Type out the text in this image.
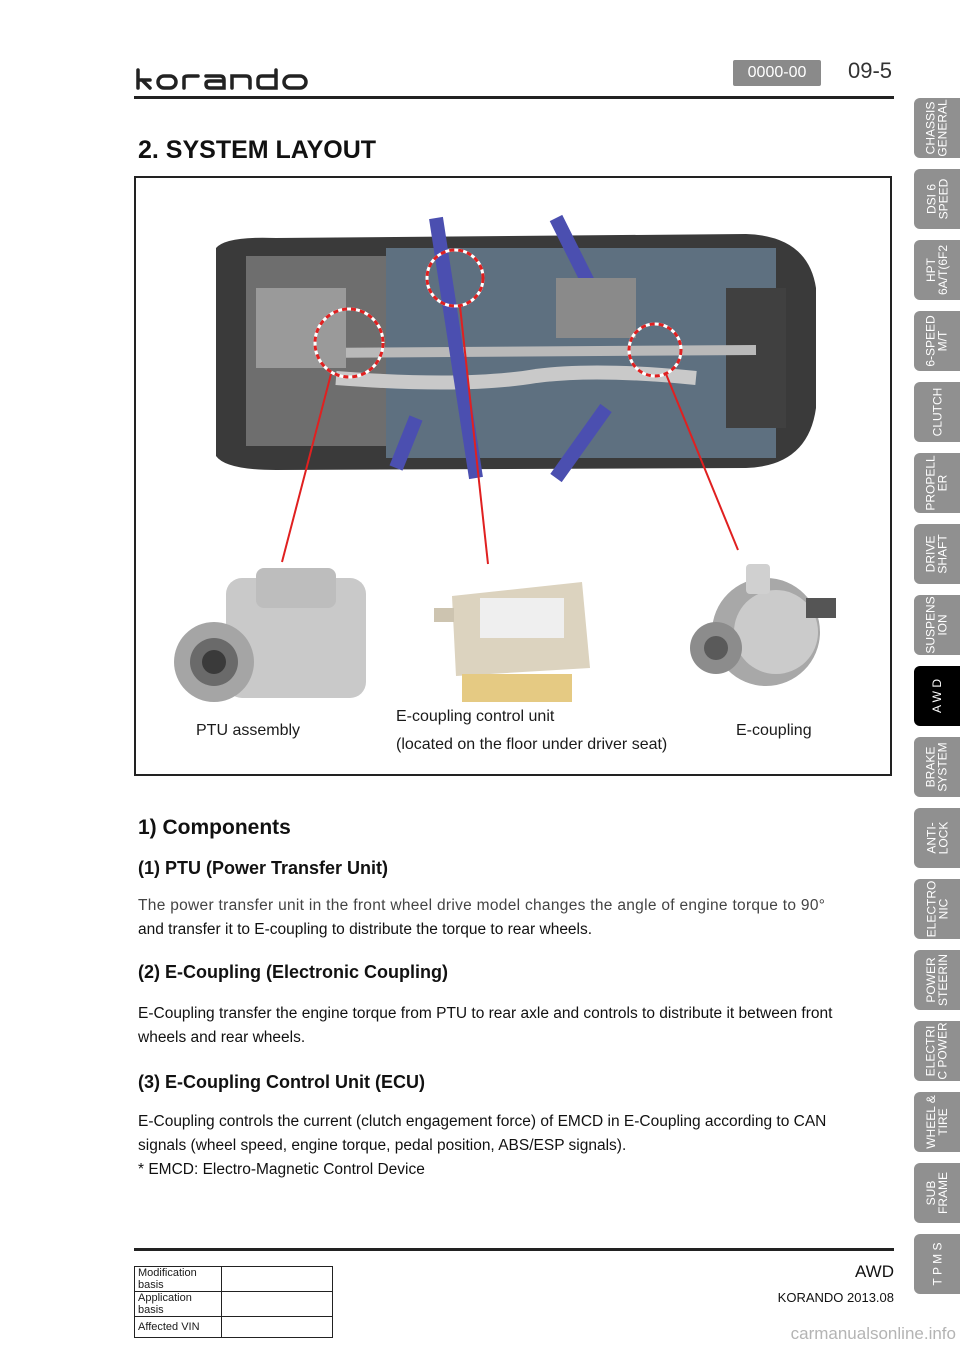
0000-00	09-5
CHASSIS
GENERAL
DSI 6
SPEED
HPT
6A/T(6F2
6-SPEED
M/T
CLUTCH
PROPELL
ER
DRIVE
SHAFT
SUSPENS
ION
A W D
BRAKE
SYSTEM
ANTI-
LOCK
ELECTRO
NIC
POWER
STEERIN
ELECTRI
C POWER
WHEEL &
TIRE
SUB
FRAME
T P M S
2. SYSTEM LAYOUT
PTU assembly
E-coupling control unit
(located on the floor under driver seat)
E-coupling
1) Components
(1) PTU (Power Transfer Unit)
The power transfer unit in the front wheel drive model changes the angle of engine torque to 90°
and transfer it to E-coupling to distribute the torque to rear wheels.
(2) E-Coupling (Electronic Coupling)
E-Coupling transfer the engine torque from PTU to rear axle and controls to distribute it between front wheels and rear wheels.
(3) E-Coupling Control Unit (ECU)
E-Coupling controls the current (clutch engagement force) of EMCD in E-Coupling according to CAN signals (wheel speed, engine torque, pedal position, ABS/ESP signals).
* EMCD: Electro-Magnetic Control Device
Modification basis	
Application basis	
Affected VIN	
AWD
KORANDO 2013.08
carmanualsonline.info
